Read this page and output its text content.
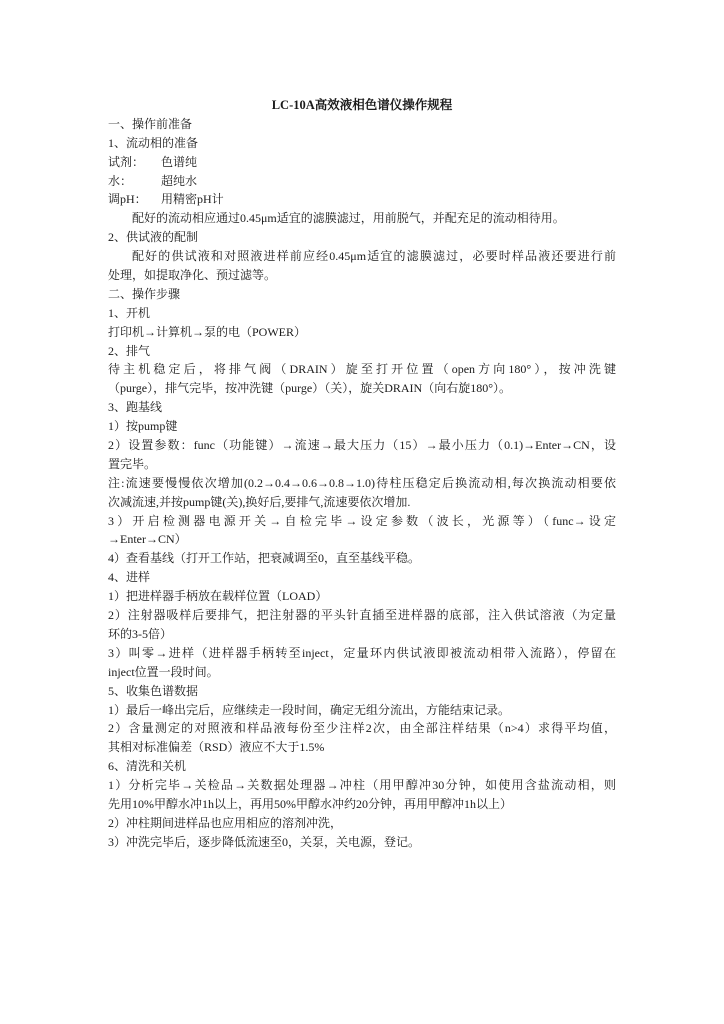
LC-10A高效液相色谱仪操作规程
一、操作前准备
1、流动相的准备
试剂： 色谱纯
水： 超纯水
调pH： 用精密pH计
配好的流动相应通过0.45μm适宜的滤膜滤过，用前脱气，并配充足的流动相待用。
2、供试液的配制
配好的供试液和对照液进样前应经0.45μm适宜的滤膜滤过，必要时样品液还要进行前
处理，如提取净化、预过滤等。
二、操作步骤
1、开机
打印机→计算机→泵的电（POWER）
2、排气
待主机稳定后，将排气阀（DRAIN）旋至打开位置（open方向180°），按冲洗键
（purge），排气完毕，按冲洗键（purge）（关），旋关DRAIN（向右旋180°）。
3、跑基线
1）按pump键
2）设置参数：func（功能键）→流速→最大压力（15）→最小压力（0.1)→Enter→CN，设
置完毕。
注:流速要慢慢依次增加(0.2→0.4→0.6→0.8→1.0)待柱压稳定后换流动相,每次换流动相要依
次减流速,并按pump键(关),换好后,要排气,流速要依次增加.
3）开启检测器电源开关→自检完毕→设定参数（波长，光源等）（func→设定
→Enter→CN）
4）查看基线（打开工作站，把衰减调至0，直至基线平稳。
4、进样
1）把进样器手柄放在载样位置（LOAD）
2）注射器吸样后要排气，把注射器的平头针直插至进样器的底部，注入供试溶液（为定量
环的3-5倍）
3）叫零→进样（进样器手柄转至inject，定量环内供试液即被流动相带入流路），停留在
inject位置一段时间。
5、收集色谱数据
1）最后一峰出完后，应继续走一段时间，确定无组分流出，方能结束记录。
2）含量测定的对照液和样品液每份至少注样2次，由全部注样结果（n>4）求得平均值，
其相对标准偏差（RSD）液应不大于1.5%
6、清洗和关机
1）分析完毕→关检品→关数据处理器→冲柱（用甲醇冲30分钟，如使用含盐流动相，则
先用10%甲醇水冲1h以上，再用50%甲醇水冲约20分钟，再用甲醇冲1h以上）
2）冲柱期间进样品也应用相应的溶剂冲洗，
3）冲洗完毕后，逐步降低流速至0，关泵，关电源，登记。
